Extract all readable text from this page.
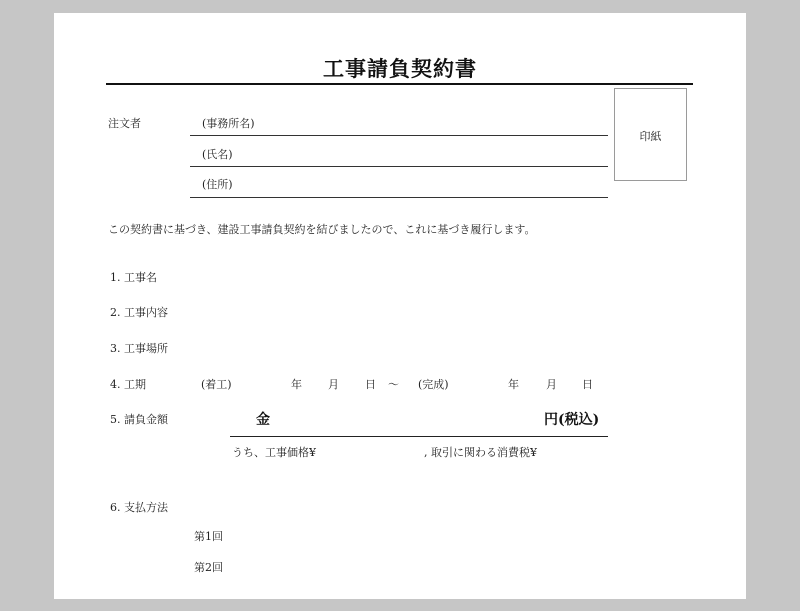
工事請負契約書
注文者	(事務所名)
(氏名)
(住所)
印紙
この契約書に基づき、建設工事請負契約を結びましたので、これに基づき履行します。
1. 工事名
2. 工事内容
3. 工事場所
4. 工期	(着工)	年 月 日 〜 (完成)	年 月 日
5. 請負金額	金	円(税込)
うち、工事価格¥	, 取引に関わる消費税¥
6. 支払方法
第1回
第2回
